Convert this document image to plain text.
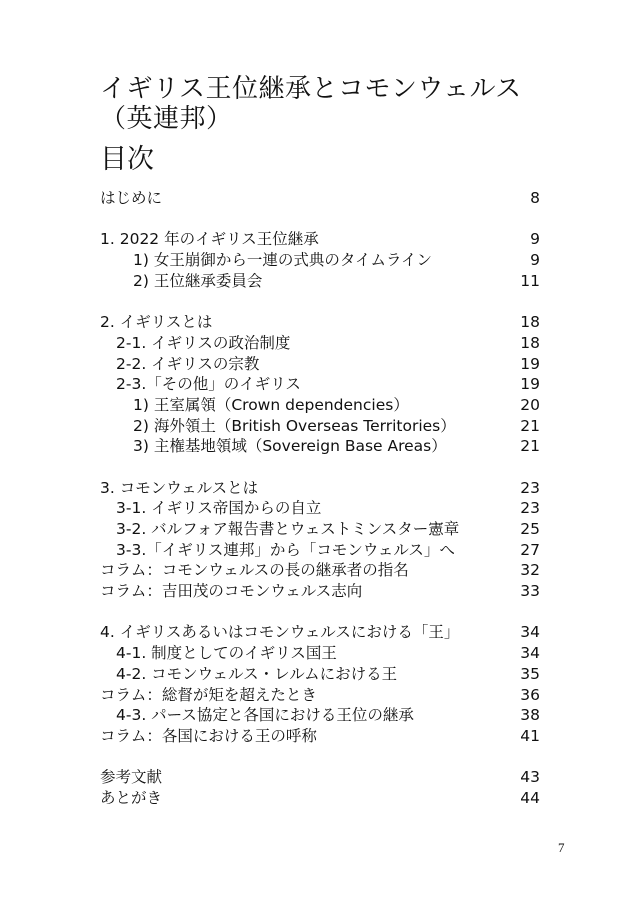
イギリス王位継承とコモンウェルス（英連邦）
目次
はじめに	8
1. 2022 年のイギリス王位継承	9
1) 女王崩御から一連の式典のタイムライン	9
2) 王位継承委員会	11
2. イギリスとは	18
2-1. イギリスの政治制度	18
2-2. イギリスの宗教	19
2-3.「その他」のイギリス	19
1) 王室属領（Crown dependencies）	20
2) 海外領土（British Overseas Territories）	21
3) 主権基地領域（Sovereign Base Areas）	21
3. コモンウェルスとは	23
3-1. イギリス帝国からの自立	23
3-2. バルフォア報告書とウェストミンスター憲章	25
3-3.「イギリス連邦」から「コモンウェルス」へ	27
コラム：コモンウェルスの長の継承者の指名	32
コラム：吉田茂のコモンウェルス志向	33
4. イギリスあるいはコモンウェルスにおける「王」	34
4-1. 制度としてのイギリス国王	34
4-2. コモンウェルス・レルムにおける王	35
コラム：総督が矩を超えたとき	36
4-3. パース協定と各国における王位の継承	38
コラム：各国における王の呼称	41
参考文献	43
あとがき	44
7
